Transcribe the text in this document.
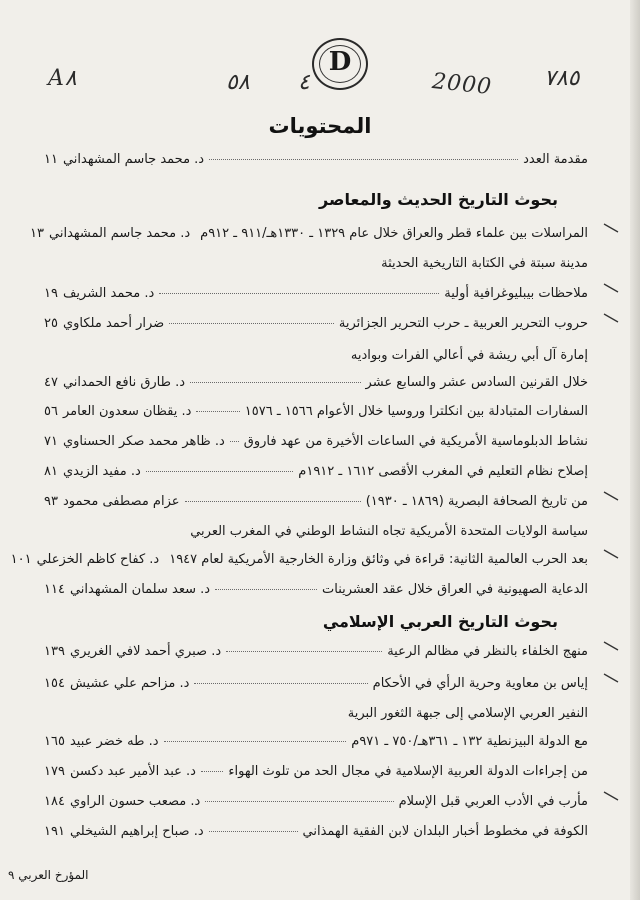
A٨	٥٨ ٤	2000 ٧٨٥
D
المحتويات
مقدمة العدد
د. محمد جاسم المشهداني
١١
بحوث التاريخ الحديث والمعاصر
المراسلات بين علماء قطر والعراق خلال عام ١٣٢٩ ـ ١٣٣٠هـ/٩١١ ـ ٩١٢م
د. محمد جاسم المشهداني
١٣
مدينة سبتة في الكتابة التاريخية الحديثة
ملاحظات بيبليوغرافية أولية
د. محمد الشريف
١٩
حروب التحرير العربية ـ حرب التحرير الجزائرية
ضرار أحمد ملكاوي
٢٥
إمارة آل أبي ريشة في أعالي الفرات وبواديه
خلال القرنين السادس عشر والسابع عشر
د. طارق نافع الحمداني
٤٧
السفارات المتبادلة بين انكلترا وروسيا خلال الأعوام ١٥٦٦ ـ ١٥٧٦
د. يقظان سعدون العامر
٥٦
نشاط الدبلوماسية الأمريكية في الساعات الأخيرة من عهد فاروق
د. ظاهر محمد صكر الحسناوي
٧١
إصلاح نظام التعليم في المغرب الأقصى ١٦١٢ ـ ١٩١٢م
د. مفيد الزيدي
٨١
من تاريخ الصحافة البصرية (١٨٦٩ ـ ١٩٣٠)
عزام مصطفى محمود
٩٣
سياسة الولايات المتحدة الأمريكية تجاه النشاط الوطني في المغرب العربي
بعد الحرب العالمية الثانية: قراءة في وثائق وزارة الخارجية الأمريكية لعام ١٩٤٧
د. كفاح كاظم الخزعلي
١٠١
الدعاية الصهيونية في العراق خلال عقد العشرينات
د. سعد سلمان المشهداني
١١٤
بحوث التاريخ العربي الإسلامي
منهج الخلفاء بالنظر في مظالم الرعية
د. صبري أحمد لافي الغريري
١٣٩
إياس بن معاوية وحرية الرأي في الأحكام
د. مزاحم علي عشيش
١٥٤
النفير العربي الإسلامي إلى جبهة الثغور البرية
مع الدولة البيزنطية ١٣٢ ـ ٣٦١هـ/٧٥٠ ـ ٩٧١م
د. طه خضر عبيد
١٦٥
من إجراءات الدولة العربية الإسلامية في مجال الحد من تلوث الهواء
د. عبد الأمير عبد دكسن
١٧٩
مأرب في الأدب العربي قبل الإسلام
د. مصعب حسون الراوي
١٨٤
الكوفة في مخطوط أخبار البلدان لابن الفقية الهمذاني
د. صباح إبراهيم الشيخلي
١٩١
المؤرخ العربي ٩
